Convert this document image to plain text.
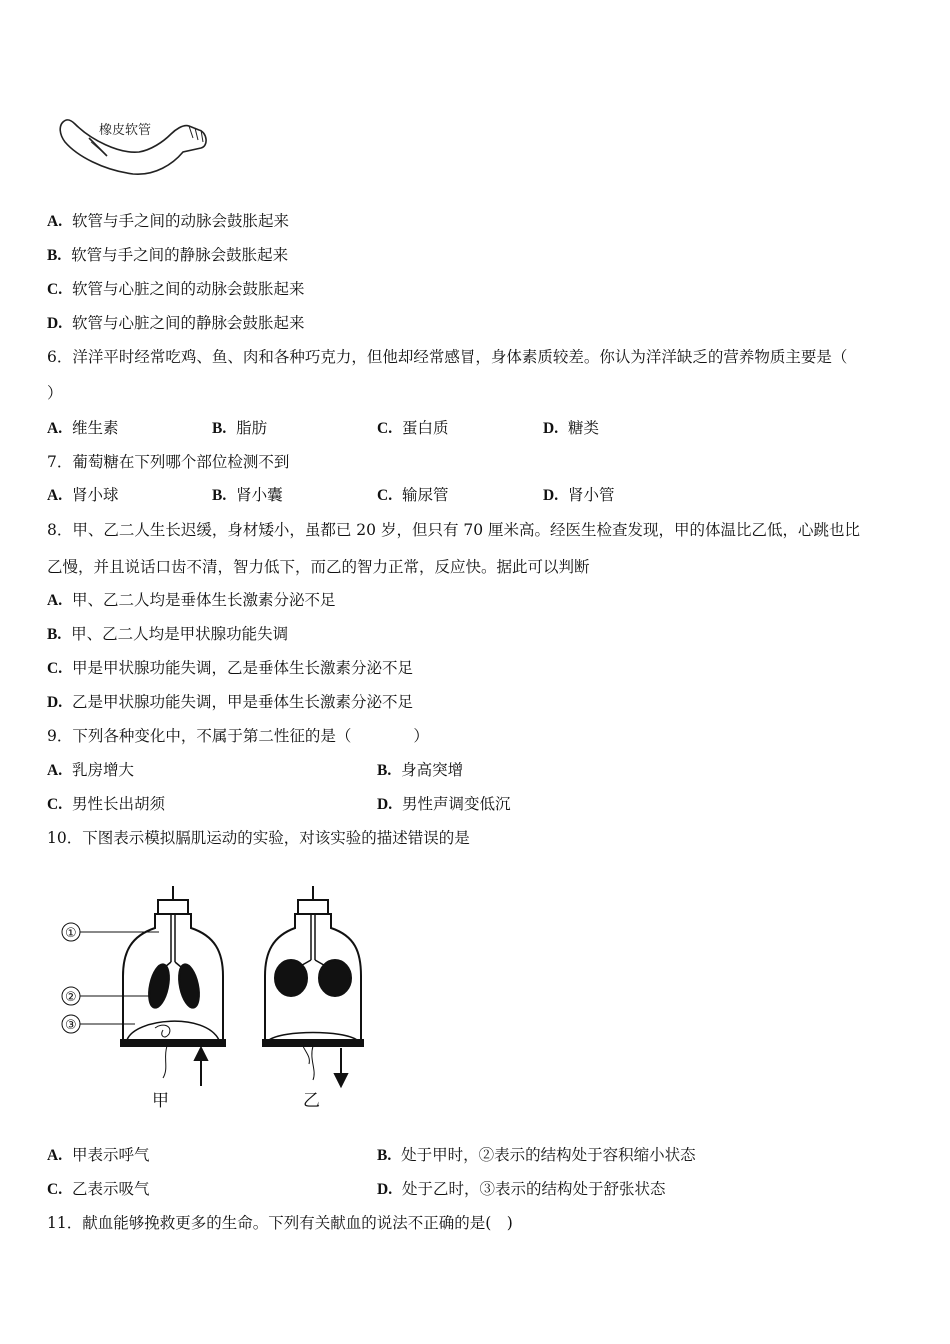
橡皮软管
A. 软管与手之间的动脉会鼓胀起来
B. 软管与手之间的静脉会鼓胀起来
C. 软管与心脏之间的动脉会鼓胀起来
D. 软管与心脏之间的静脉会鼓胀起来
6．洋洋平时经常吃鸡、鱼、肉和各种巧克力，但他却经常感冒，身体素质较差。你认为洋洋缺乏的营养物质主要是（
）
A. 维生素	B. 脂肪	C. 蛋白质	D. 糖类
7．葡萄糖在下列哪个部位检测不到
A. 肾小球	B. 肾小囊	C. 输尿管	D. 肾小管
8．甲、乙二人生长迟缓，身材矮小，虽都已 20 岁，但只有 70 厘米高。经医生检查发现，甲的体温比乙低，心跳也比
乙慢，并且说话口齿不清，智力低下，而乙的智力正常，反应快。据此可以判断
A. 甲、乙二人均是垂体生长激素分泌不足
B. 甲、乙二人均是甲状腺功能失调
C. 甲是甲状腺功能失调，乙是垂体生长激素分泌不足
D. 乙是甲状腺功能失调，甲是垂体生长激素分泌不足
9．下列各种变化中，不属于第二性征的是（　　　　）
A. 乳房增大	B. 身高突增
C. 男性长出胡须	D. 男性声调变低沉
10．下图表示模拟膈肌运动的实验，对该实验的描述错误的是
①
②
③
甲	乙
A. 甲表示呼气	B. 处于甲时，②表示的结构处于容积缩小状态
C. 乙表示吸气	D. 处于乙时，③表示的结构处于舒张状态
11．献血能够挽救更多的生命。下列有关献血的说法不正确的是(　)
